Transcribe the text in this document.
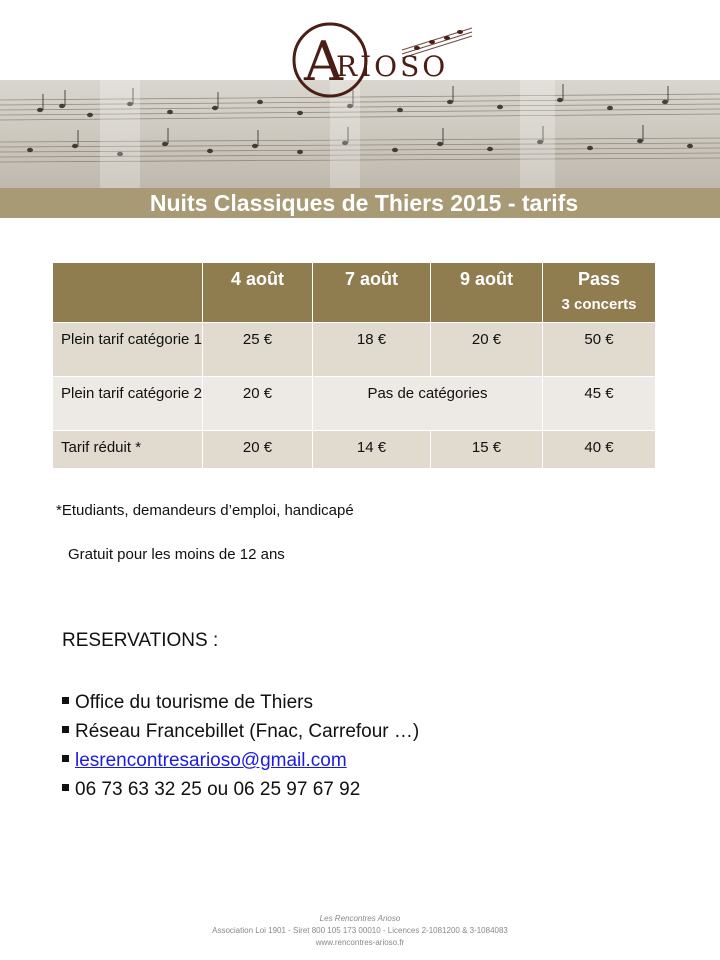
A
RIOSO
Nuits Classiques de Thiers 2015 - tarifs
	4 août	7 août	9 août	Pass
3 concerts

Plein tarif catégorie 1	25 €	18 €	20 €	50 €
Plein tarif catégorie 2	20 €	Pas de catégories		45 €
Tarif réduit *	20 €	14 €	15 €	40 €
*Etudiants, demandeurs d’emploi, handicapé
Gratuit pour les moins de 12 ans
RESERVATIONS :
Office du tourisme de Thiers
Réseau Francebillet (Fnac, Carrefour …)
lesrencontresarioso@gmail.com
06 73 63 32 25 ou 06 25 97 67 92
Les Rencontres Arioso
Association Loi 1901 - Siret 800 105 173 00010 - Licences 2-1081200 & 3-1084083
www.rencontres-arioso.fr
